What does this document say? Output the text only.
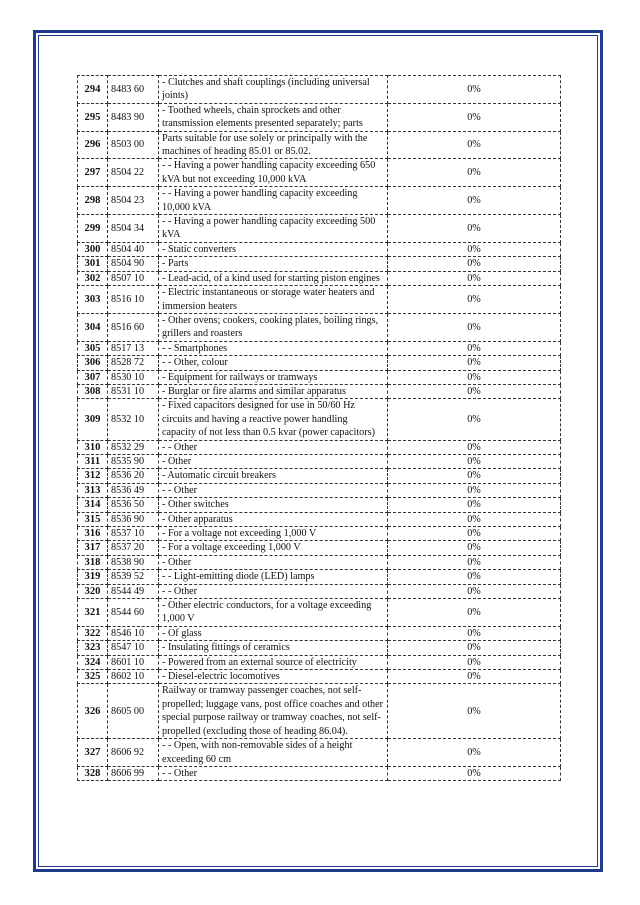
294	8483 60	- Clutches and shaft couplings (including universal joints)	0%
295	8483 90	- Toothed wheels, chain sprockets and other transmission elements presented separately; parts	0%
296	8503 00	Parts suitable for use solely or principally with the machines of heading 85.01 or 85.02.	0%
297	8504 22	- - Having a power handling capacity exceeding 650 kVA but not exceeding 10,000 kVA	0%
298	8504 23	- - Having a power handling capacity exceeding 10,000 kVA	0%
299	8504 34	- - Having a power handling capacity exceeding 500 kVA	0%
300	8504 40	- Static converters	0%
301	8504 90	- Parts	0%
302	8507 10	- Lead-acid, of a kind used for starting piston engines	0%
303	8516 10	- Electric instantaneous or storage water heaters and immersion heaters	0%
304	8516 60	- Other ovens; cookers, cooking plates, boiling rings, grillers and roasters	0%
305	8517 13	- - Smartphones	0%
306	8528 72	- - Other, colour	0%
307	8530 10	- Equipment for railways or tramways	0%
308	8531 10	- Burglar or fire alarms and similar apparatus	0%
309	8532 10	- Fixed capacitors designed for use in 50/60 Hz circuits and having a reactive power handling capacity of not less than 0.5 kvar (power capacitors)	0%
310	8532 29	- - Other	0%
311	8535 90	- Other	0%
312	8536 20	- Automatic circuit breakers	0%
313	8536 49	- - Other	0%
314	8536 50	- Other switches	0%
315	8536 90	- Other apparatus	0%
316	8537 10	- For a voltage not exceeding 1,000 V	0%
317	8537 20	- For a voltage exceeding 1,000 V	0%
318	8538 90	- Other	0%
319	8539 52	- - Light-emitting diode (LED) lamps	0%
320	8544 49	- - Other	0%
321	8544 60	- Other electric conductors, for a voltage exceeding 1,000 V	0%
322	8546 10	- Of glass	0%
323	8547 10	- Insulating fittings of ceramics	0%
324	8601 10	- Powered from an external source of electricity	0%
325	8602 10	- Diesel-electric locomotives	0%
326	8605 00	Railway or tramway passenger coaches, not self-propelled; luggage vans, post office coaches and other special purpose railway or tramway coaches, not self-propelled (excluding those of heading 86.04).	0%
327	8606 92	- - Open, with non-removable sides of a height exceeding 60 cm	0%
328	8606 99	- - Other	0%
